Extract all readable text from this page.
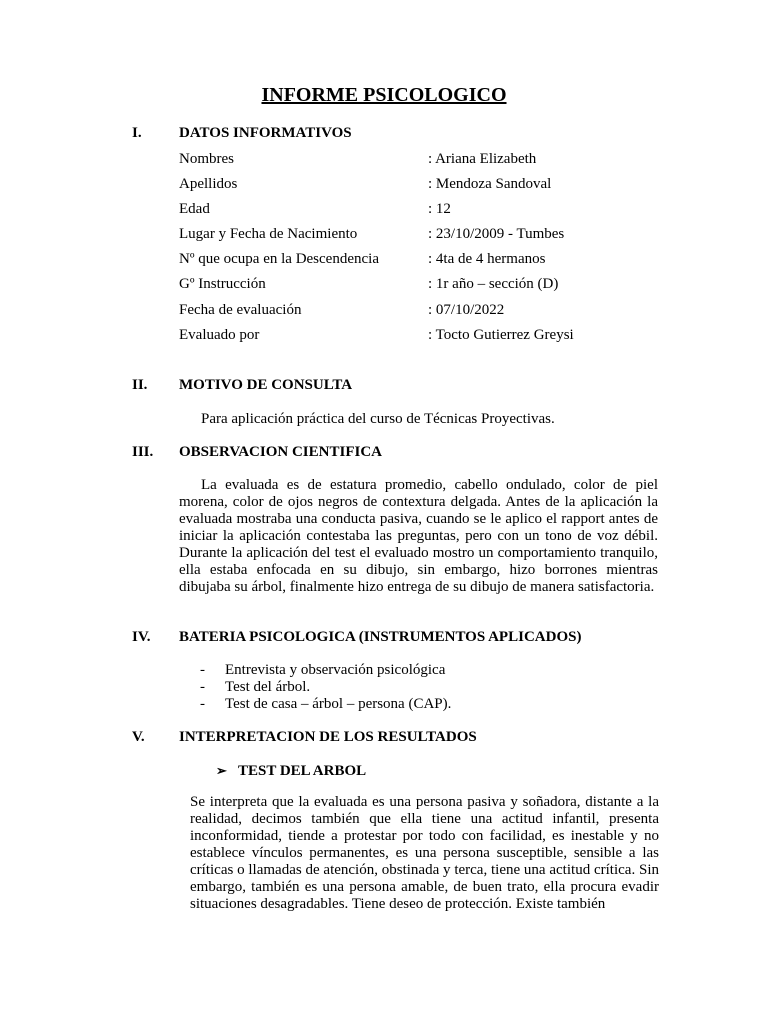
INFORME PSICOLOGICO
I. DATOS INFORMATIVOS
Nombres	: Ariana Elizabeth
Apellidos	: Mendoza Sandoval
Edad	: 12
Lugar y Fecha de Nacimiento	: 23/10/2009 - Tumbes
Nº que ocupa en la Descendencia	: 4ta de 4 hermanos
Gº Instrucción	: 1r año – sección (D)
Fecha de evaluación	: 07/10/2022
Evaluado por	: Tocto Gutierrez Greysi
II. MOTIVO DE CONSULTA
Para aplicación práctica del curso de Técnicas Proyectivas.
III. OBSERVACION CIENTIFICA
La evaluada es de estatura promedio, cabello ondulado, color de piel morena, color de ojos negros de contextura delgada. Antes de la aplicación la evaluada mostraba una conducta pasiva, cuando se le aplico el rapport antes de iniciar la aplicación contestaba las preguntas, pero con un tono de voz débil. Durante la aplicación del test el evaluado mostro un comportamiento tranquilo, ella estaba enfocada en su dibujo, sin embargo, hizo borrones mientras dibujaba su árbol, finalmente hizo entrega de su dibujo de manera satisfactoria.
IV. BATERIA PSICOLOGICA (INSTRUMENTOS APLICADOS)
- Entrevista y observación psicológica
- Test del árbol.
- Test de casa – árbol – persona (CAP).
V. INTERPRETACION DE LOS RESULTADOS
➢ TEST DEL ARBOL
Se interpreta que la evaluada es una persona pasiva y soñadora, distante a la realidad, decimos también que ella tiene una actitud infantil, presenta inconformidad, tiende a protestar por todo con facilidad, es inestable y no establece vínculos permanentes, es una persona susceptible, sensible a las críticas o llamadas de atención, obstinada y terca, tiene una actitud crítica. Sin embargo, también es una persona amable, de buen trato, ella procura evadir situaciones desagradables. Tiene deseo de protección. Existe también
